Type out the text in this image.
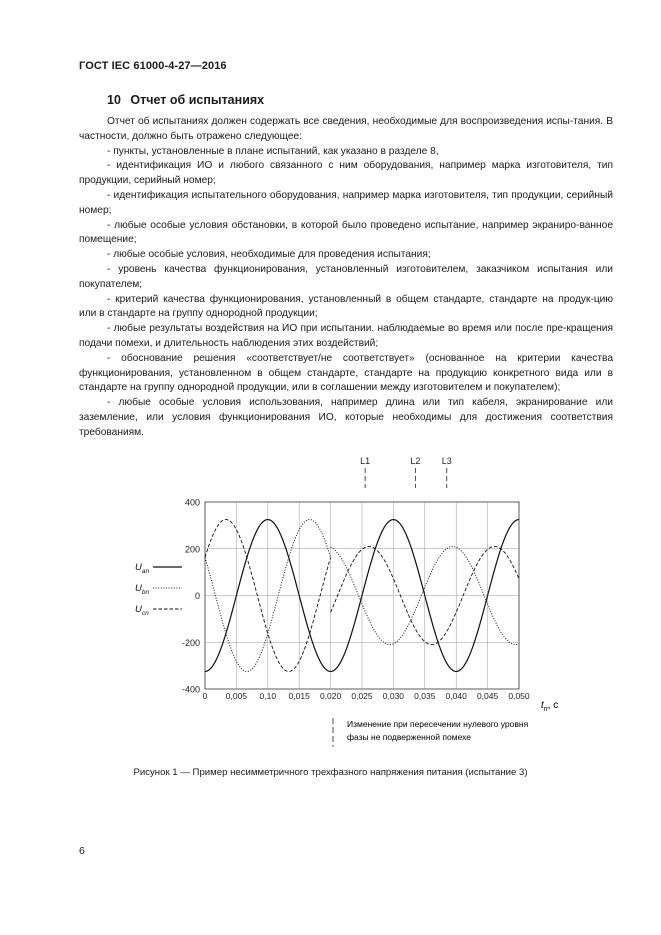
ГОСТ IEC 61000-4-27—2016
10 Отчет об испытаниях

Отчет об испытаниях должен содержать все сведения, необходимые для воспроизведения испы-тания. В частности, должно быть отражено следующее:

- пункты, установленные в плане испытаний, как указано в разделе 8,

- идентификация ИО и любого связанного с ним оборудования, например марка изготовителя, тип продукции, серийный номер;

- идентификация испытательного оборудования, например марка изготовителя, тип продукции, серийный номер;

- любые особые условия обстановки, в которой было проведено испытание, например экраниро-ванное помещение;

- любые особые условия, необходимые для проведения испытания;

- уровень качества функционирования, установленный изготовителем, заказчиком испытания или покупателем;

- критерий качества функционирования, установленный в общем стандарте, стандарте на продук-цию или в стандарте на группу однородной продукции;

- любые результаты воздействия на ИО при испытании. наблюдаемые во время или после пре-кращения подачи помехи, и длительность наблюдения этих воздействий;

- обоснование решения «соответствует/не соответствует» (основанное на критерии качества функционирования, установленном в общем стандарте, стандарте на продукцию конкретного вида или в стандарте на группу однородной продукции, или в соглашении между изготовителем и покупателем);

- любые особые условия использования, например длина или тип кабеля, экранирование или заземление, или условия функционирования ИО, которые необходимы для достижения соответствия требованиям.

-400
-200
0
200
400
0 0,005 0,10 0,015 0,020 0,025 0,030 0,035 0,040 0,045 0,050
L1	L2 L3
$U_{an}$
$U_{bn}$
$U_{cn}$
$t_п$, с
Изменение при пересечении нулевого уровня
фазы не подверженной помехе
Рисунок 1 — Пример несимметричного трехфазного напряжения питания (испытание 3)
6
